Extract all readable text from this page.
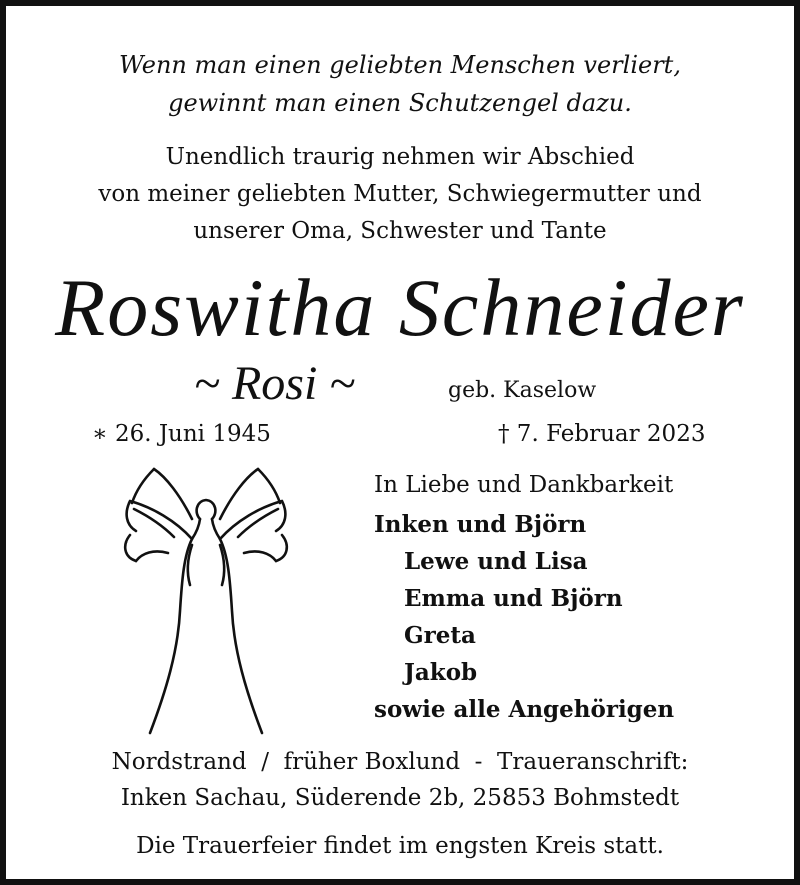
Wenn man einen geliebten Menschen verliert,
gewinnt man einen Schutzengel dazu.
Unendlich traurig nehmen wir Abschied
von meiner geliebten Mutter, Schwiegermutter und
unserer Oma, Schwester und Tante
Roswitha Schneider
~ Rosi ~	geb. Kaselow
∗ 26. Juni 1945	† 7. Februar 2023
In Liebe und Dankbarkeit
Inken und Björn
Lewe und Lisa
Emma und Björn
Greta
Jakob
sowie alle Angehörigen
Nordstrand  /  früher Boxlund  -  Traueranschrift:
Inken Sachau, Süderende 2b, 25853 Bohmstedt
Die Trauerfeier findet im engsten Kreis statt.
